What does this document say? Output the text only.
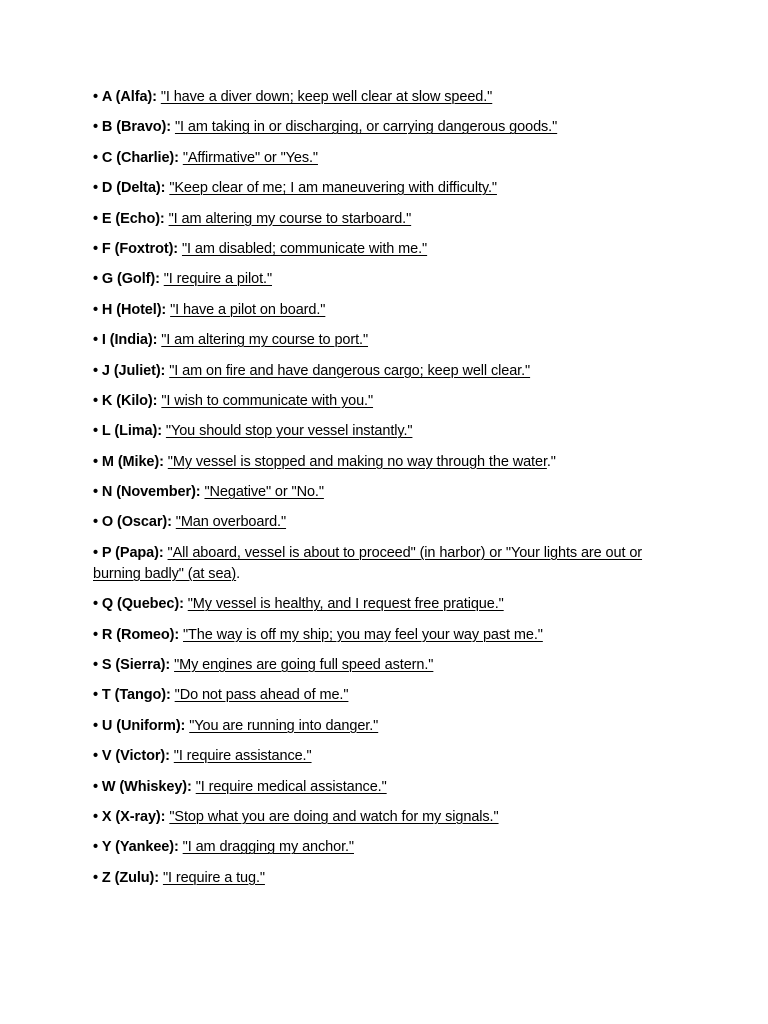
• A (Alfa): "I have a diver down; keep well clear at slow speed."
• B (Bravo): "I am taking in or discharging, or carrying dangerous goods."
• C (Charlie): "Affirmative" or "Yes."
• D (Delta): "Keep clear of me; I am maneuvering with difficulty."
• E (Echo): "I am altering my course to starboard."
• F (Foxtrot): "I am disabled; communicate with me."
• G (Golf): "I require a pilot."
• H (Hotel): "I have a pilot on board."
• I (India): "I am altering my course to port."
• J (Juliet): "I am on fire and have dangerous cargo; keep well clear."
• K (Kilo): "I wish to communicate with you."
• L (Lima): "You should stop your vessel instantly."
• M (Mike): "My vessel is stopped and making no way through the water."
• N (November): "Negative" or "No."
• O (Oscar): "Man overboard."
• P (Papa): "All aboard, vessel is about to proceed" (in harbor) or "Your lights are out or burning badly" (at sea).
• Q (Quebec): "My vessel is healthy, and I request free pratique."
• R (Romeo): "The way is off my ship; you may feel your way past me."
• S (Sierra): "My engines are going full speed astern."
• T (Tango): "Do not pass ahead of me."
• U (Uniform): "You are running into danger."
• V (Victor): "I require assistance."
• W (Whiskey): "I require medical assistance."
• X (X-ray): "Stop what you are doing and watch for my signals."
• Y (Yankee): "I am dragging my anchor."
• Z (Zulu): "I require a tug."
